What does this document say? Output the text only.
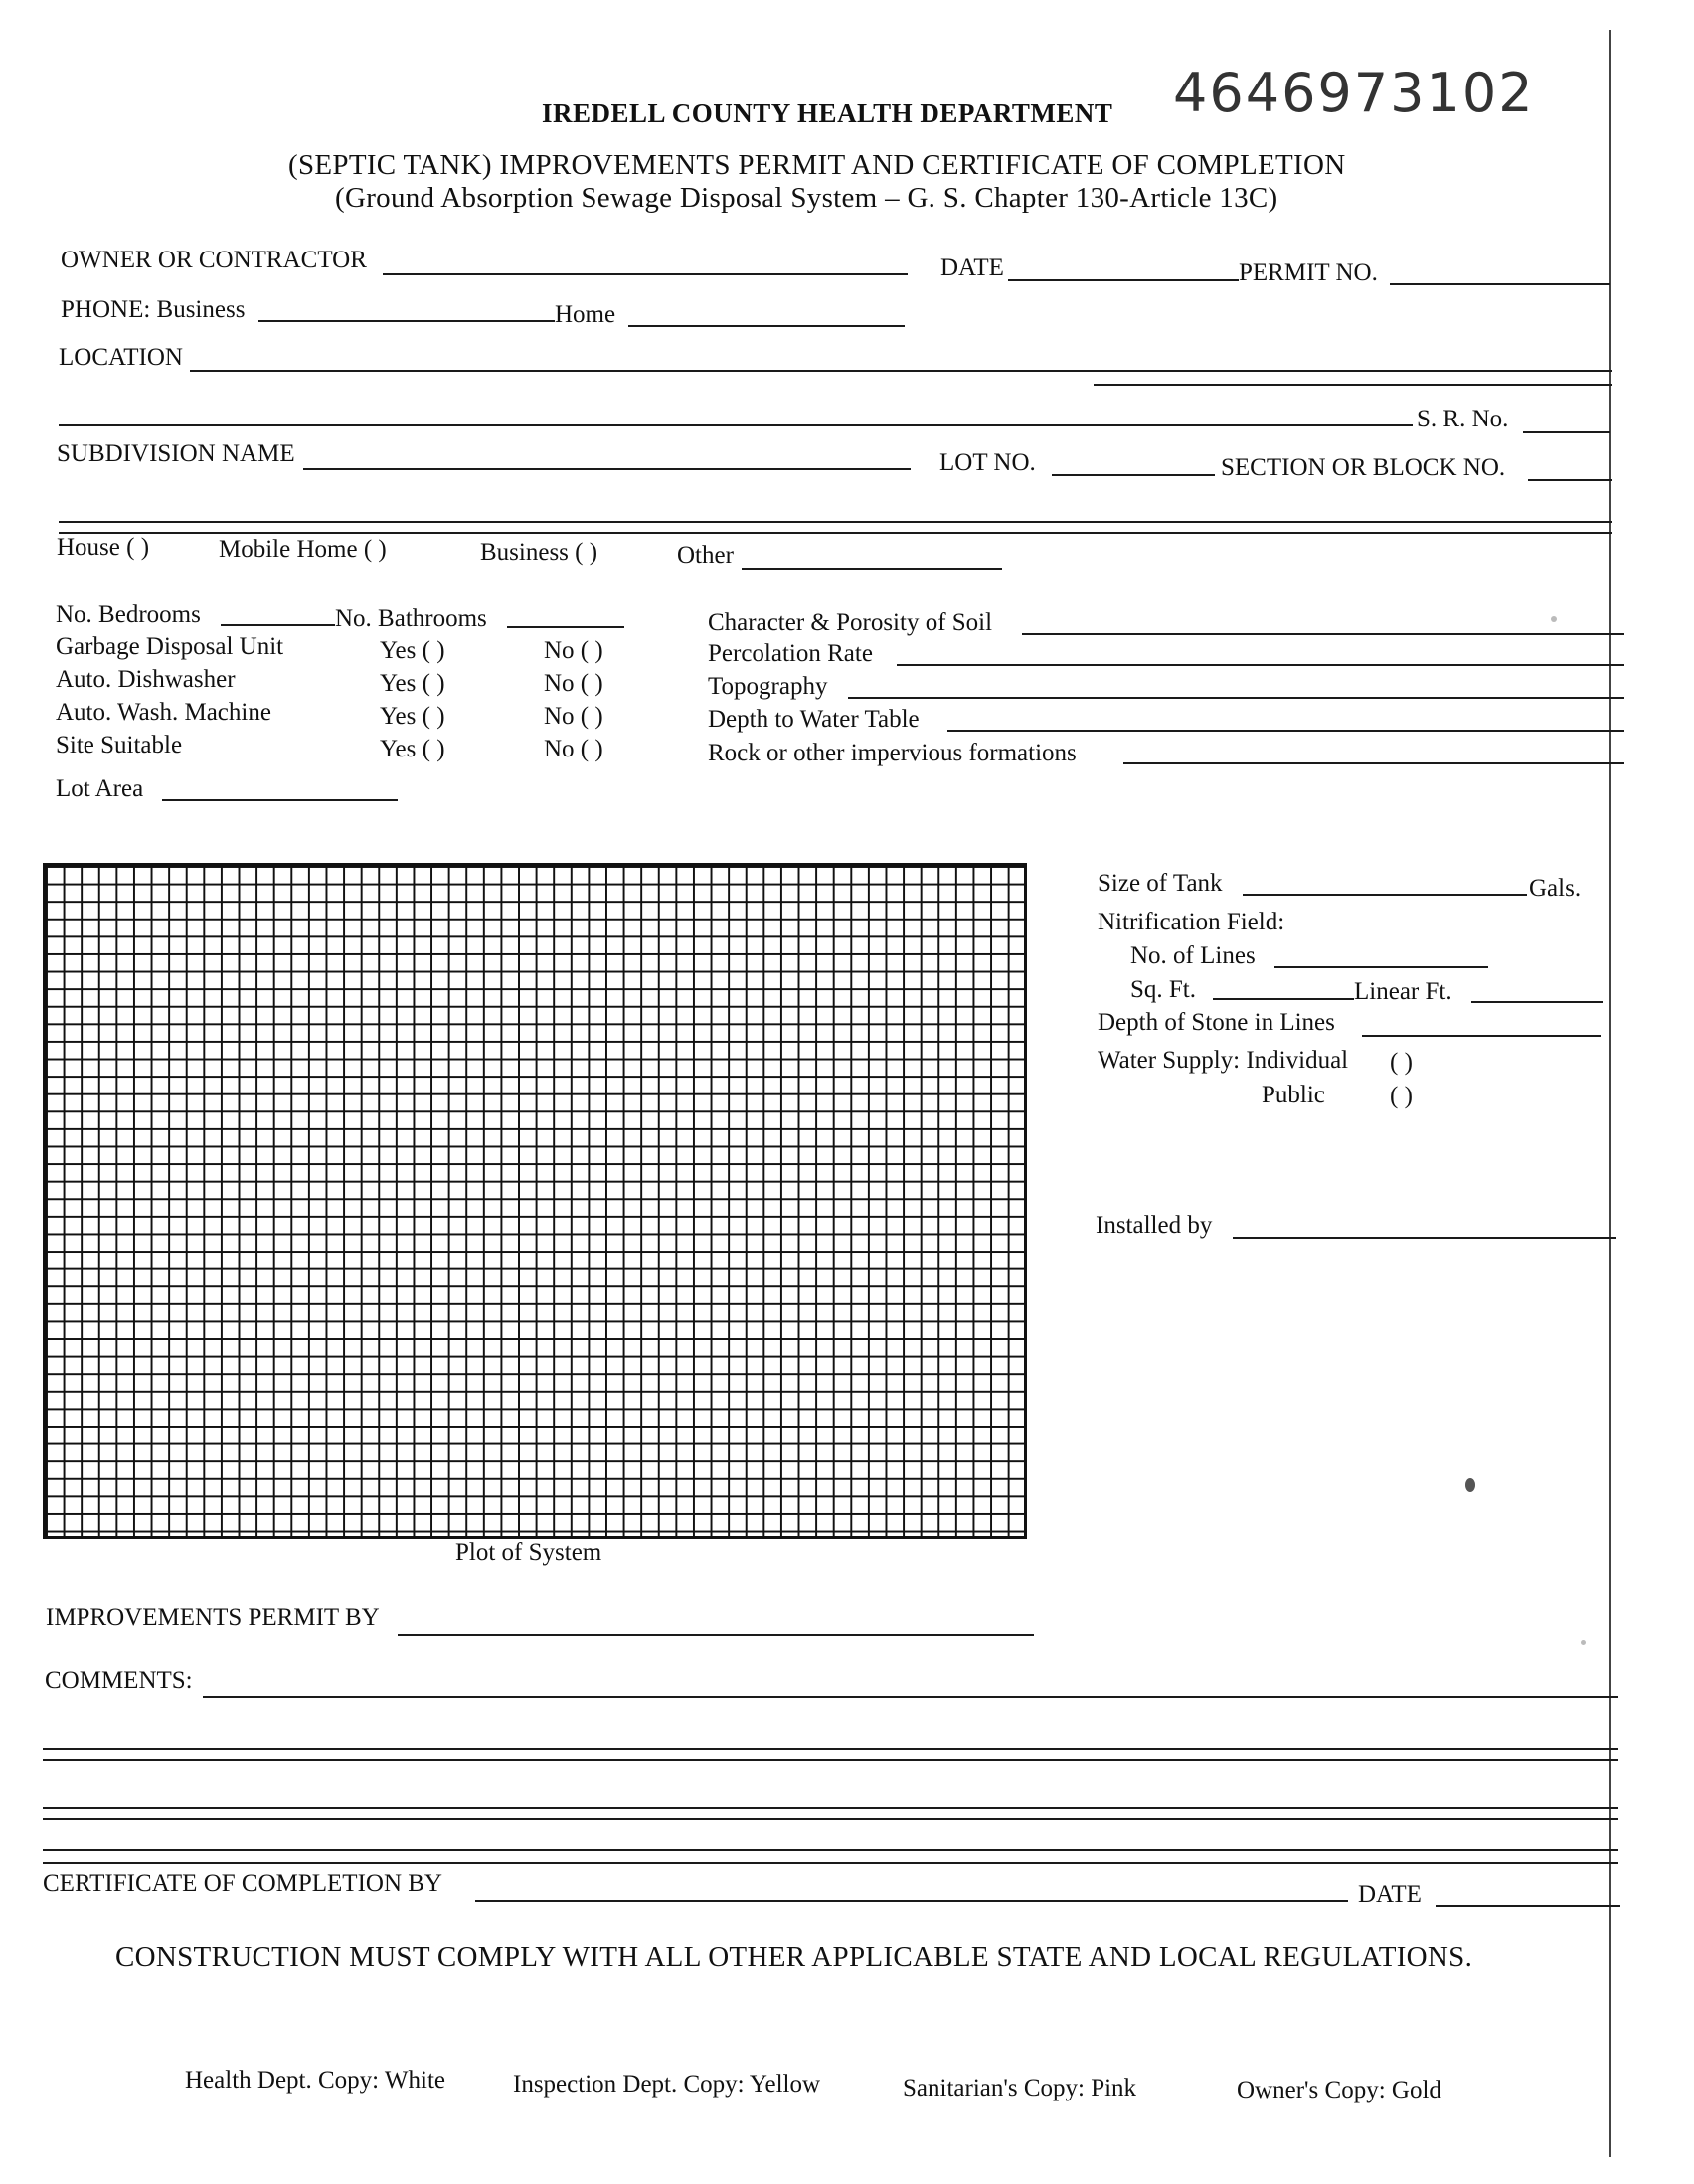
IREDELL COUNTY HEALTH DEPARTMENT 4646973102
(SEPTIC TANK) IMPROVEMENTS PERMIT AND CERTIFICATE OF COMPLETION
(Ground Absorption Sewage Disposal System – G. S. Chapter 130-Article 13C)
OWNER OR CONTRACTOR	DATE	PERMIT NO.
PHONE: Business	Home
LOCATION
S. R. No.
SUBDIVISION NAME	LOT NO.	SECTION OR BLOCK NO.
House ( )	Mobile Home ( )	Business ( )	Other
No. Bedrooms	No. Bathrooms
Garbage Disposal Unit	Yes ( )	No ( )
Auto. Dishwasher	Yes ( )	No ( )
Auto. Wash. Machine	Yes ( )	No ( )
Site Suitable	Yes ( )	No ( )
Lot Area
Character & Porosity of Soil
Percolation Rate
Topography
Depth to Water Table
Rock or other impervious formations
Plot of System
Size of Tank	Gals.
Nitrification Field:
No. of Lines
Sq. Ft.	Linear Ft.
Depth of Stone in Lines
Water Supply: Individual ( )
Public	( )
Installed by
IMPROVEMENTS PERMIT BY
COMMENTS:
CERTIFICATE OF COMPLETION BY	DATE
CONSTRUCTION MUST COMPLY WITH ALL OTHER APPLICABLE STATE AND LOCAL REGULATIONS.
Health Dept. Copy: White	Inspection Dept. Copy: Yellow	Sanitarian's Copy: Pink	Owner's Copy: Gold
